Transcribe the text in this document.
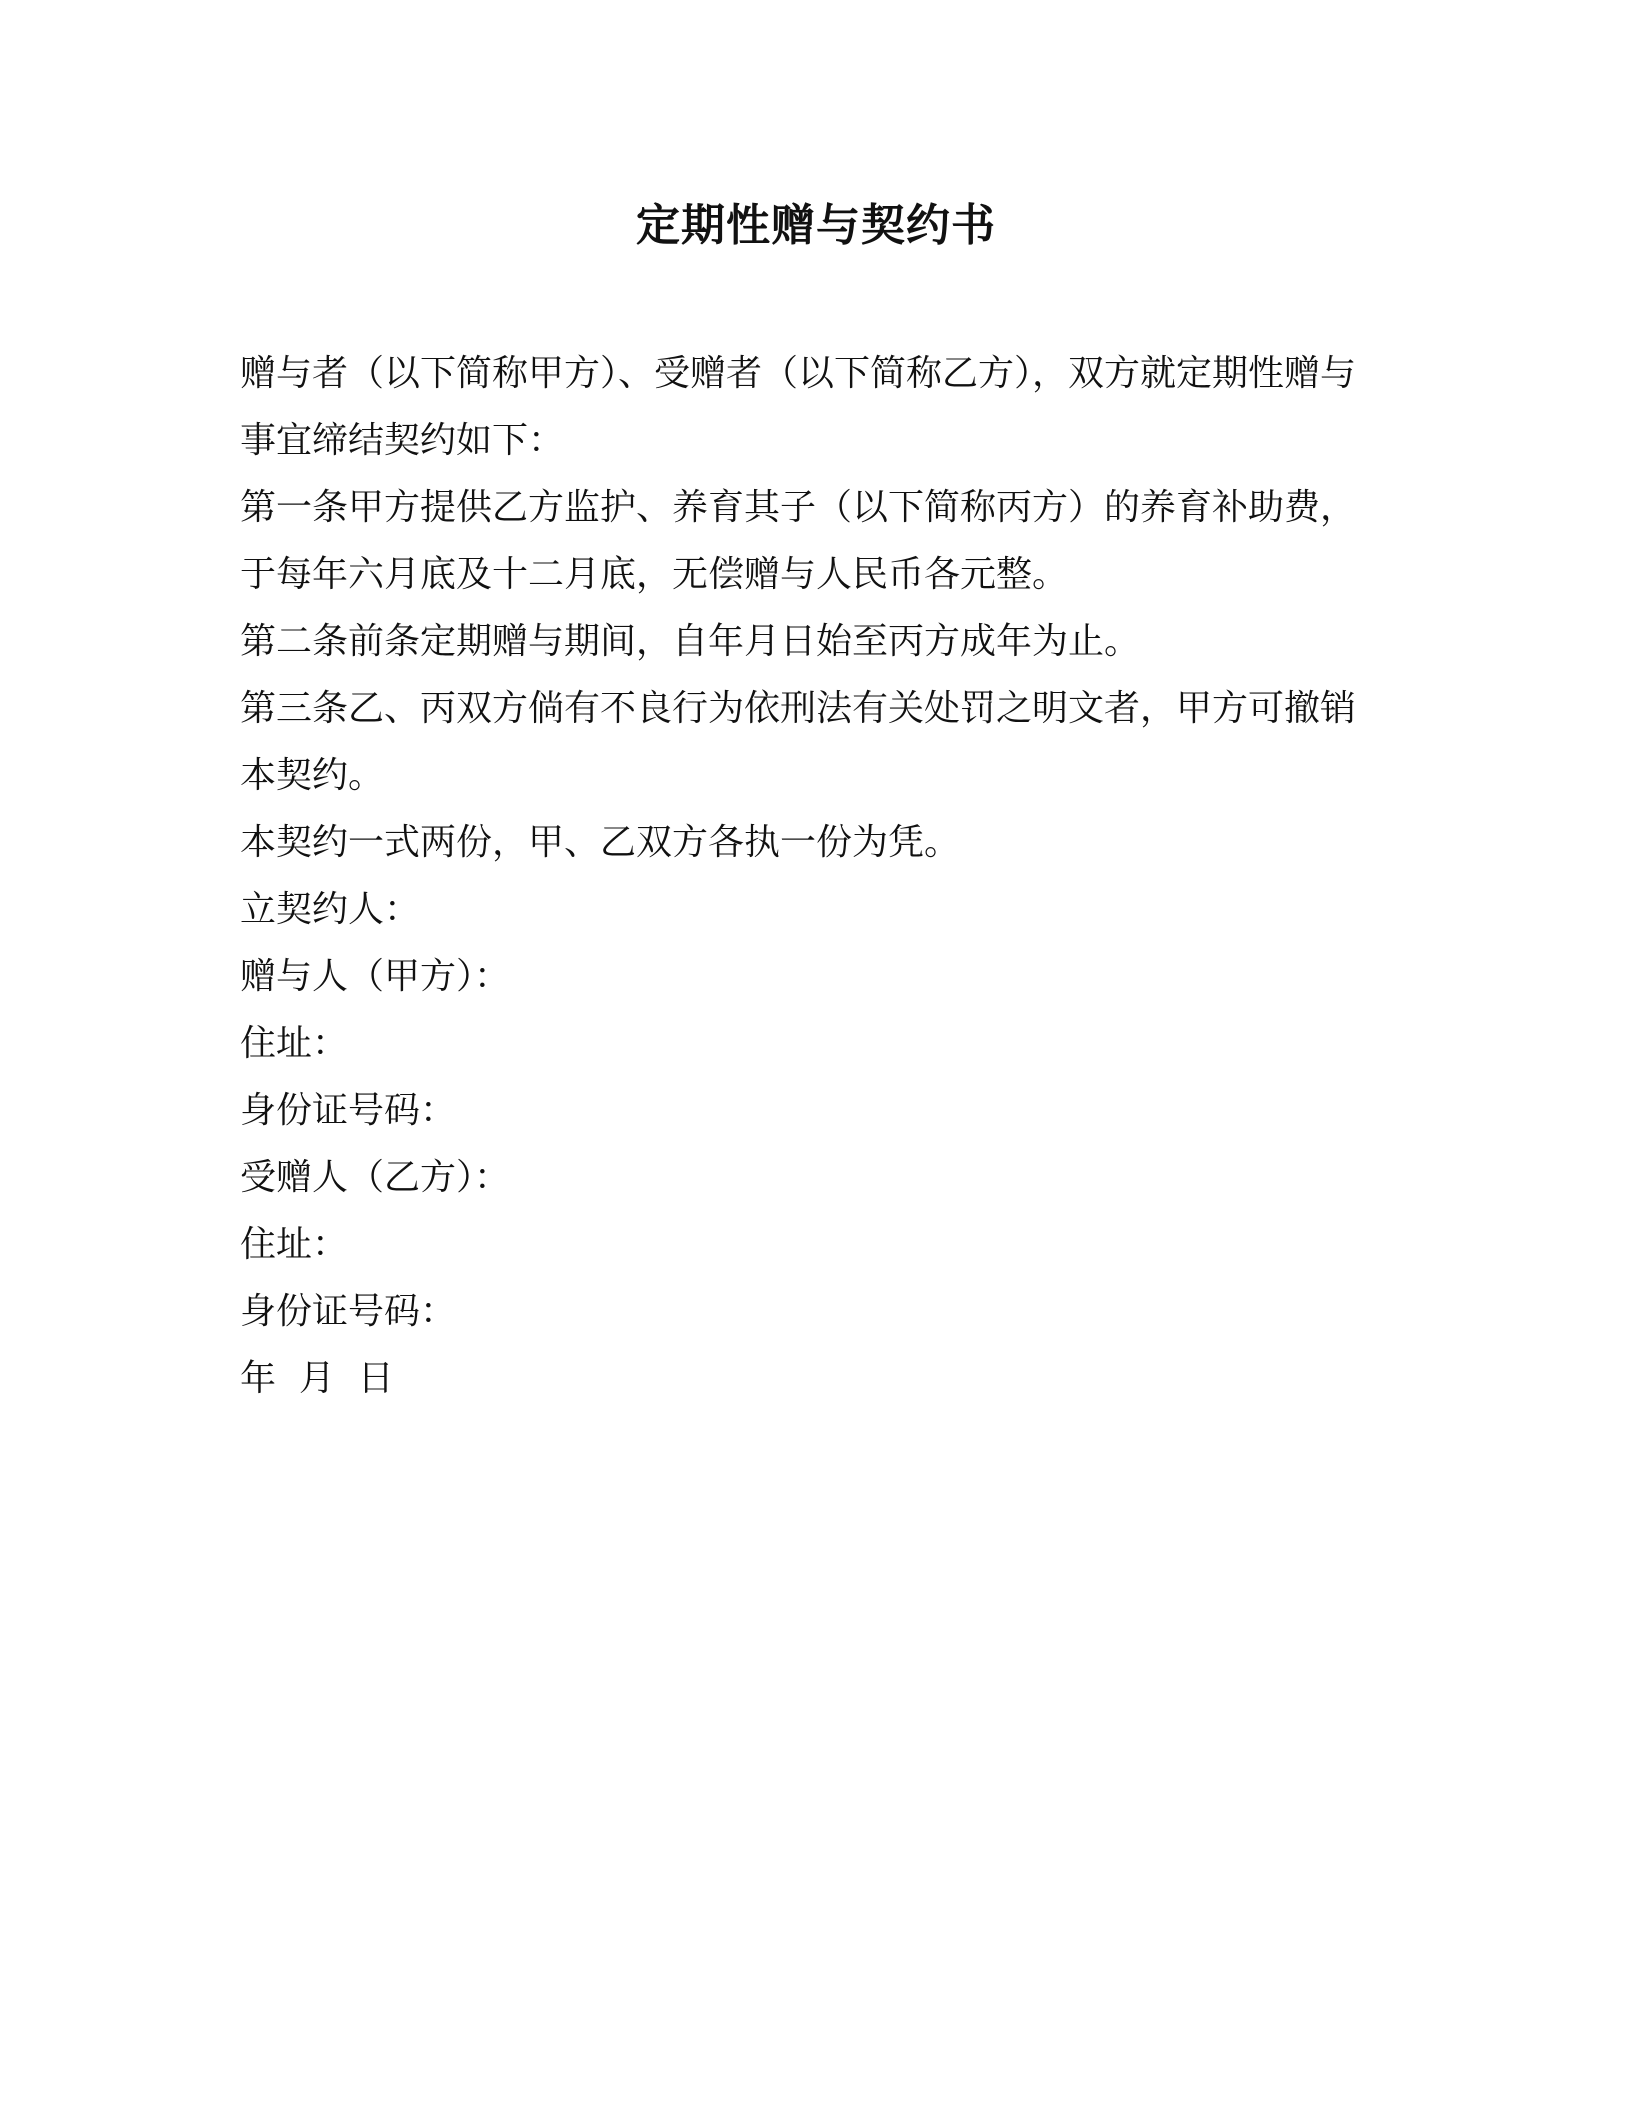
定期性赠与契约书

赠与者（以下简称甲方）、受赠者（以下简称乙方），双方就定期性赠与

事宜缔结契约如下：

第一条甲方提供乙方监护、养育其子（以下简称丙方）的养育补助费，

于每年六月底及十二月底，无偿赠与人民币各元整。

第二条前条定期赠与期间，自年月日始至丙方成年为止。

第三条乙、丙双方倘有不良行为依刑法有关处罚之明文者，甲方可撤销

本契约。

本契约一式两份，甲、乙双方各执一份为凭。

立契约人：

赠与人（甲方）：

住址：

身份证号码：

受赠人（乙方）：

住址：

身份证号码：

年  月  日
